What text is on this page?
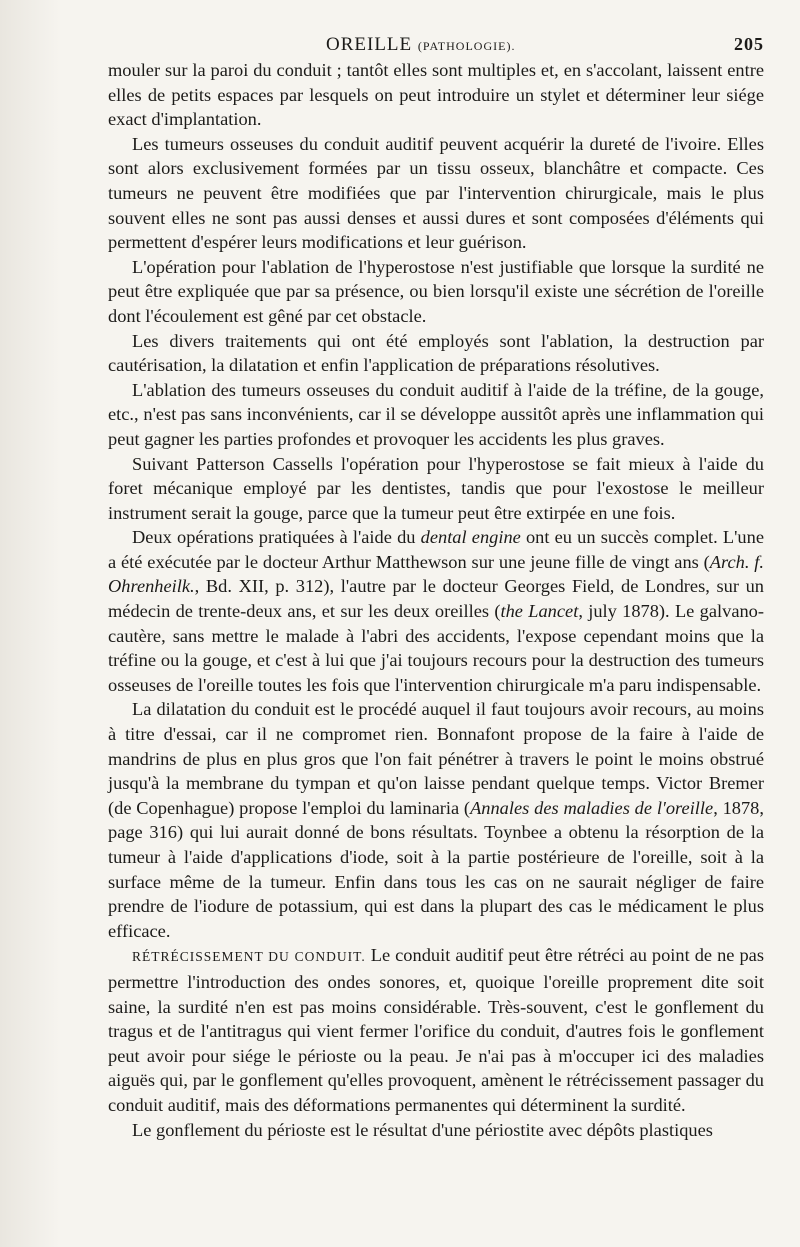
OREILLE (PATHOLOGIE).	205

mouler sur la paroi du conduit ; tantôt elles sont multiples et, en s'accolant, laissent entre elles de petits espaces par lesquels on peut introduire un stylet et déterminer leur siége exact d'implantation.

Les tumeurs osseuses du conduit auditif peuvent acquérir la dureté de l'ivoire. Elles sont alors exclusivement formées par un tissu osseux, blanchâtre et compacte. Ces tumeurs ne peuvent être modifiées que par l'intervention chirurgicale, mais le plus souvent elles ne sont pas aussi denses et aussi dures et sont composées d'éléments qui permettent d'espérer leurs modifications et leur guérison.

L'opération pour l'ablation de l'hyperostose n'est justifiable que lorsque la surdité ne peut être expliquée que par sa présence, ou bien lorsqu'il existe une sécrétion de l'oreille dont l'écoulement est gêné par cet obstacle.

Les divers traitements qui ont été employés sont l'ablation, la destruction par cautérisation, la dilatation et enfin l'application de préparations résolutives.

L'ablation des tumeurs osseuses du conduit auditif à l'aide de la tréfine, de la gouge, etc., n'est pas sans inconvénients, car il se développe aussitôt après une inflammation qui peut gagner les parties profondes et provoquer les accidents les plus graves.

Suivant Patterson Cassells l'opération pour l'hyperostose se fait mieux à l'aide du foret mécanique employé par les dentistes, tandis que pour l'exostose le meilleur instrument serait la gouge, parce que la tumeur peut être extirpée en une fois.

Deux opérations pratiquées à l'aide du dental engine ont eu un succès complet. L'une a été exécutée par le docteur Arthur Matthewson sur une jeune fille de vingt ans (Arch. f. Ohrenheilk., Bd. XII, p. 312), l'autre par le docteur Georges Field, de Londres, sur un médecin de trente-deux ans, et sur les deux oreilles (the Lancet, july 1878). Le galvano-cautère, sans mettre le malade à l'abri des accidents, l'expose cependant moins que la tréfine ou la gouge, et c'est à lui que j'ai toujours recours pour la destruction des tumeurs osseuses de l'oreille toutes les fois que l'intervention chirurgicale m'a paru indispensable.

La dilatation du conduit est le procédé auquel il faut toujours avoir recours, au moins à titre d'essai, car il ne compromet rien. Bonnafont propose de la faire à l'aide de mandrins de plus en plus gros que l'on fait pénétrer à travers le point le moins obstrué jusqu'à la membrane du tympan et qu'on laisse pendant quelque temps. Victor Bremer (de Copenhague) propose l'emploi du laminaria (Annales des maladies de l'oreille, 1878, page 316) qui lui aurait donné de bons résultats. Toynbee a obtenu la résorption de la tumeur à l'aide d'applications d'iode, soit à la partie postérieure de l'oreille, soit à la surface même de la tumeur. Enfin dans tous les cas on ne saurait négliger de faire prendre de l'iodure de potassium, qui est dans la plupart des cas le médicament le plus efficace.

RÉTRÉCISSEMENT DU CONDUIT. Le conduit auditif peut être rétréci au point de ne pas permettre l'introduction des ondes sonores, et, quoique l'oreille proprement dite soit saine, la surdité n'en est pas moins considérable. Très-souvent, c'est le gonflement du tragus et de l'antitragus qui vient fermer l'orifice du conduit, d'autres fois le gonflement peut avoir pour siége le périoste ou la peau. Je n'ai pas à m'occuper ici des maladies aiguës qui, par le gonflement qu'elles provoquent, amènent le rétrécissement passager du conduit auditif, mais des déformations permanentes qui déterminent la surdité.

Le gonflement du périoste est le résultat d'une périostite avec dépôts plastiques
